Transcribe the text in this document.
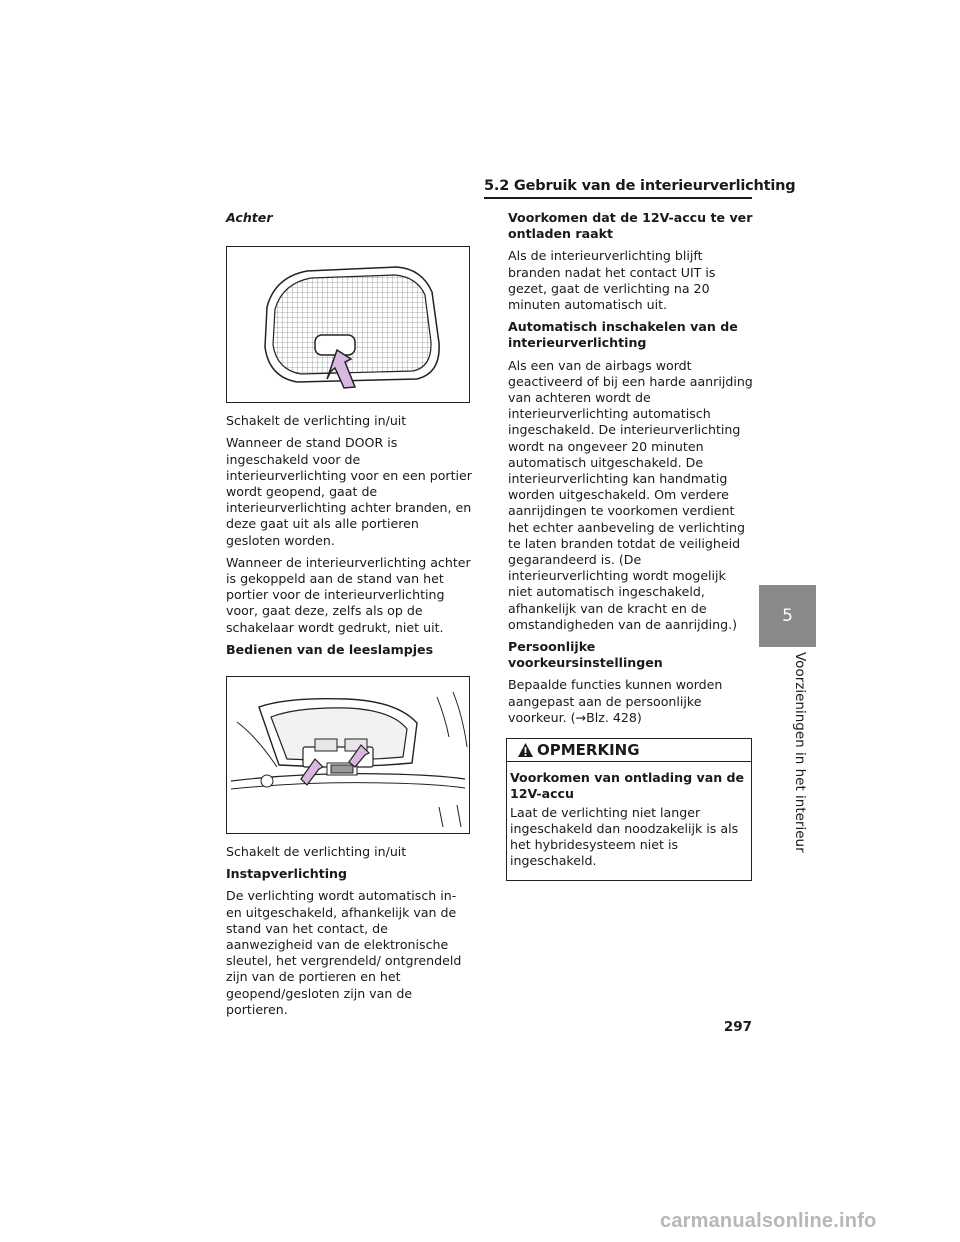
5.2 Gebruik van de interieurverlichting

Achter

Schakelt de verlichting in/uit

Wanneer de stand DOOR is ingeschakeld voor de interieurverlichting voor en een portier wordt geopend, gaat de interieurverlichting achter branden, en deze gaat uit als alle portieren gesloten worden.

Wanneer de interieurverlichting achter is gekoppeld aan de stand van het portier voor de interieurverlichting voor, gaat deze, zelfs als op de schakelaar wordt gedrukt, niet uit.

Bedienen van de leeslampjes

Schakelt de verlichting in/uit

Instapverlichting

De verlichting wordt automatisch in- en uitgeschakeld, afhankelijk van de stand van het contact, de aanwezigheid van de elektronische sleutel, het vergrendeld/ ontgrendeld zijn van de portieren en het geopend/gesloten zijn van de portieren.

Voorkomen dat de 12V-accu te ver ontladen raakt

Als de interieurverlichting blijft branden nadat het contact UIT is gezet, gaat de verlichting na 20 minuten automatisch uit.

Automatisch inschakelen van de interieurverlichting

Als een van de airbags wordt geactiveerd of bij een harde aanrijding van achteren wordt de interieurverlichting automatisch ingeschakeld. De interieurverlichting wordt na ongeveer 20 minuten automatisch uitgeschakeld. De interieurverlichting kan handmatig worden uitgeschakeld. Om verdere aanrijdingen te voorkomen verdient het echter aanbeveling de verlichting te laten branden totdat de veiligheid gegarandeerd is. (De interieurverlichting wordt mogelijk niet automatisch ingeschakeld, afhankelijk van de kracht en de omstandigheden van de aanrijding.)

Persoonlijke voorkeursinstellingen

Bepaalde functies kunnen worden aangepast aan de persoonlijke voorkeur. (→Blz. 428)

OPMERKING

Voorkomen van ontlading van de 12V-accu

Laat de verlichting niet langer ingeschakeld dan noodzakelijk is als het hybridesysteem niet is ingeschakeld.

5
Voorzieningen in het interieur
297
carmanualsonline.info
